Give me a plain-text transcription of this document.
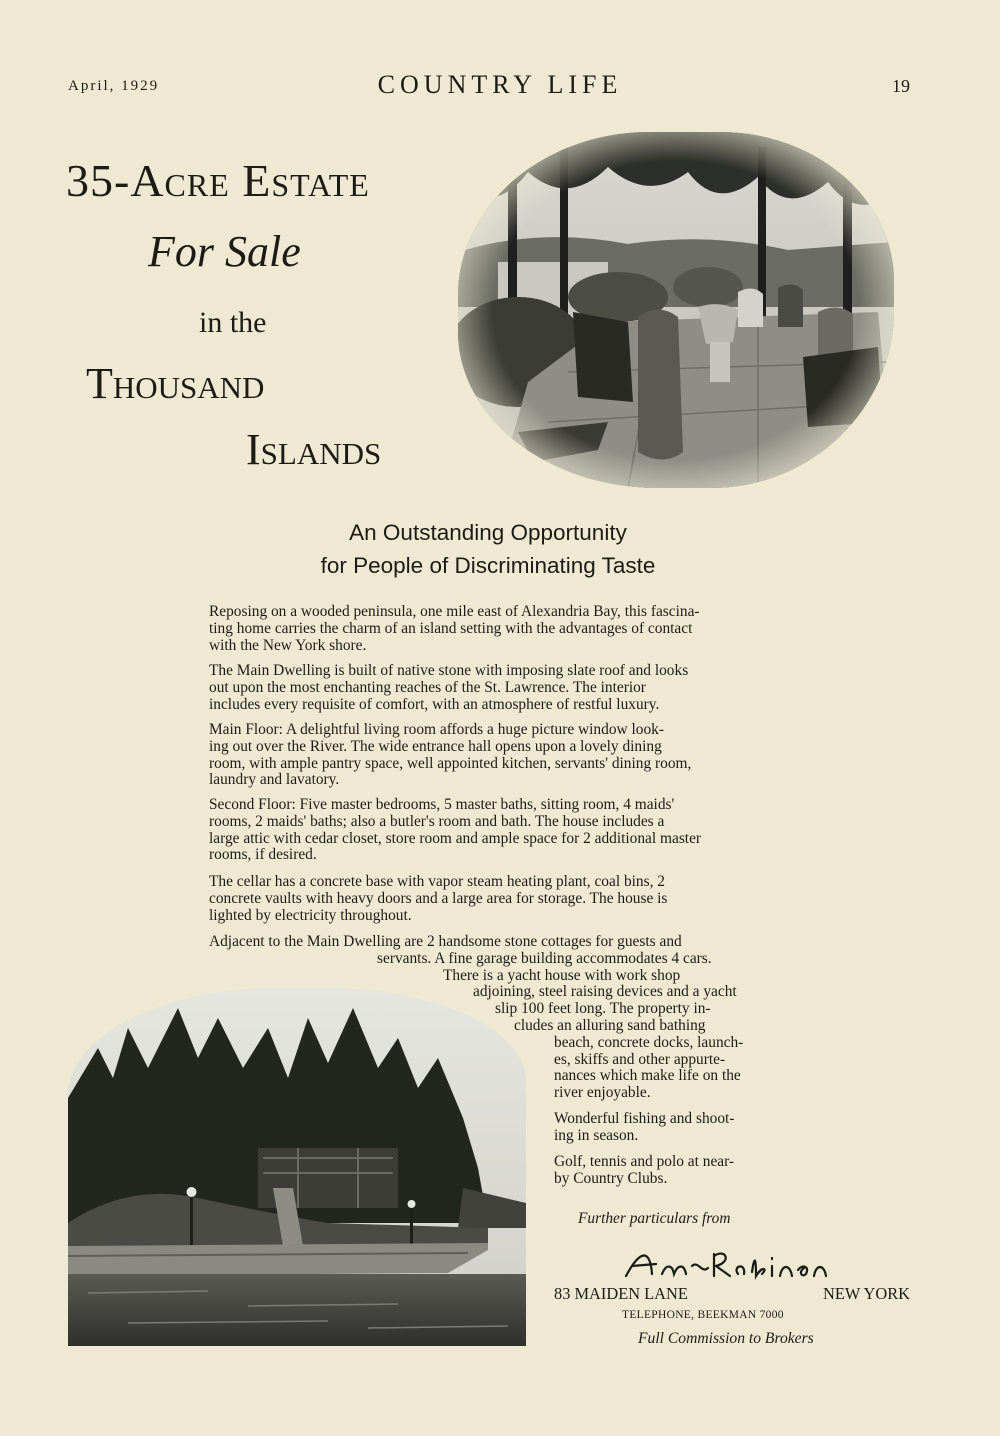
April, 1929	COUNTRY LIFE	19
35-Acre Estate
For Sale
in the
Thousand
Islands
An Outstanding Opportunity
for People of Discriminating Taste

Reposing on a wooded peninsula, one mile east of Alexandria Bay, this fascina-
ting home carries the charm of an island setting with the advantages of contact
with the New York shore.

The Main Dwelling is built of native stone with imposing slate roof and looks
out upon the most enchanting reaches of the St. Lawrence. The interior
includes every requisite of comfort, with an atmosphere of restful luxury.

Main Floor: A delightful living room affords a huge picture window look-
ing out over the River. The wide entrance hall opens upon a lovely dining
room, with ample pantry space, well appointed kitchen, servants' dining room,
laundry and lavatory.

Second Floor: Five master bedrooms, 5 master baths, sitting room, 4 maids'
rooms, 2 maids' baths; also a butler's room and bath. The house includes a
large attic with cedar closet, store room and ample space for 2 additional master
rooms, if desired.

The cellar has a concrete base with vapor steam heating plant, coal bins, 2
concrete vaults with heavy doors and a large area for storage. The house is
lighted by electricity throughout.

Adjacent to the Main Dwelling are 2 handsome stone cottages for guests and
servants. A fine garage building accommodates 4 cars.
There is a yacht house with work shop
adjoining, steel raising devices and a yacht
slip 100 feet long. The property in-
cludes an alluring sand bathing
beach, concrete docks, launch-
es, skiffs and other appurte-
nances which make life on the
river enjoyable.

Wonderful fishing and shoot-
ing in season.

Golf, tennis and polo at near-
by Country Clubs.

Further particulars from
83 MAIDEN LANE	NEW YORK
TELEPHONE, BEEKMAN 7000
Full Commission to Brokers
